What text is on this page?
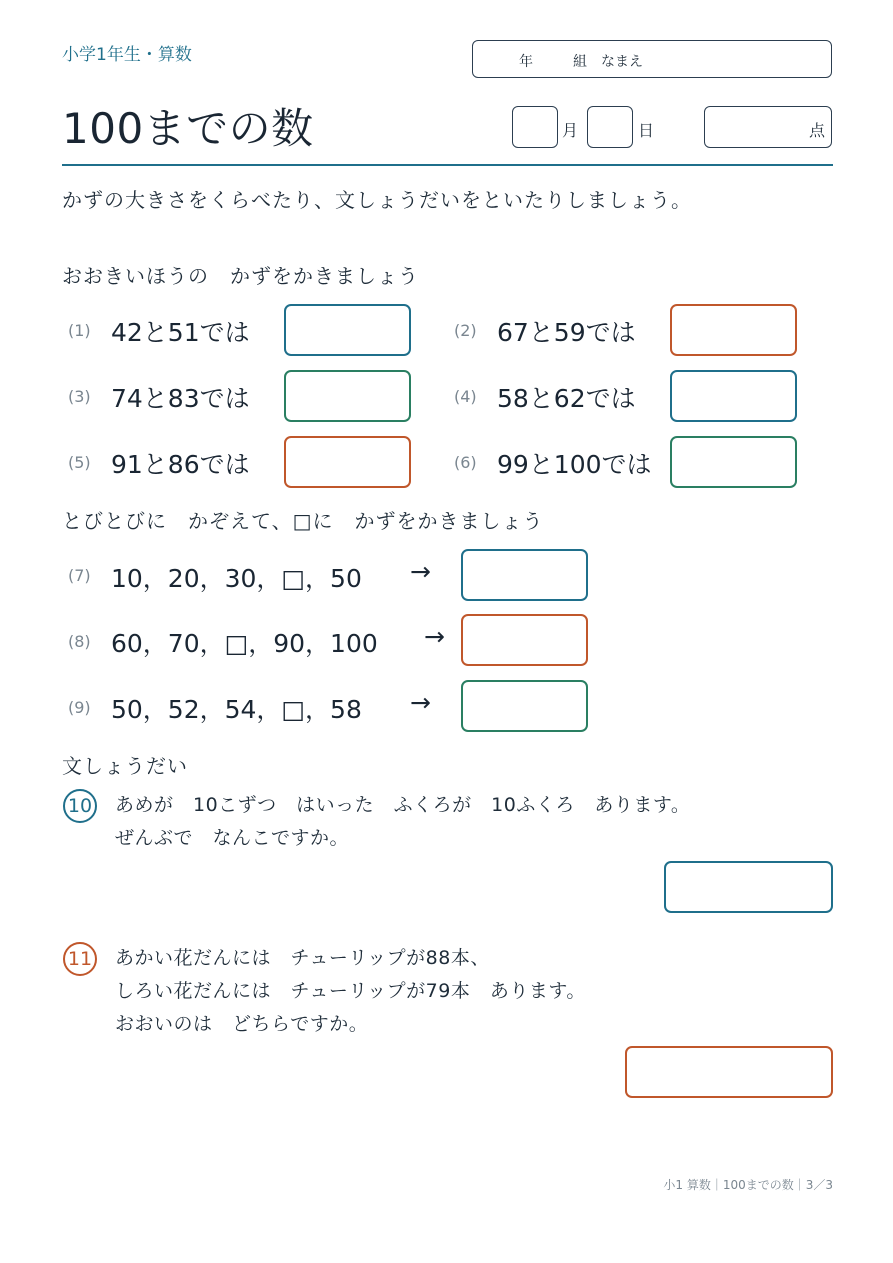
小学1年生・算数	年	組 なまえ
100までの数	月	日	点
かずの大きさをくらべたり、文しょうだいをといたりしましょう。
おおきいほうの　かずをかきましょう
(1) 42と51では	(2) 67と59では
(3) 74と83では	(4) 58と62では
(5) 91と86では	(6) 99と100では
とびとびに　かぞえて、□に　かずをかきましょう
(7) 10，20，30，□，50 →
(8) 60，70，□，90，100 →
(9) 50，52，54，□，58 →
文しょうだい
10 あめが　10こずつ　はいった　ふくろが　10ふくろ　あります。
ぜんぶで　なんこですか。
11 あかい花だんには　チューリップが88本、
しろい花だんには　チューリップが79本　あります。
おおいのは　どちらですか。
小1 算数｜100までの数｜3／3
